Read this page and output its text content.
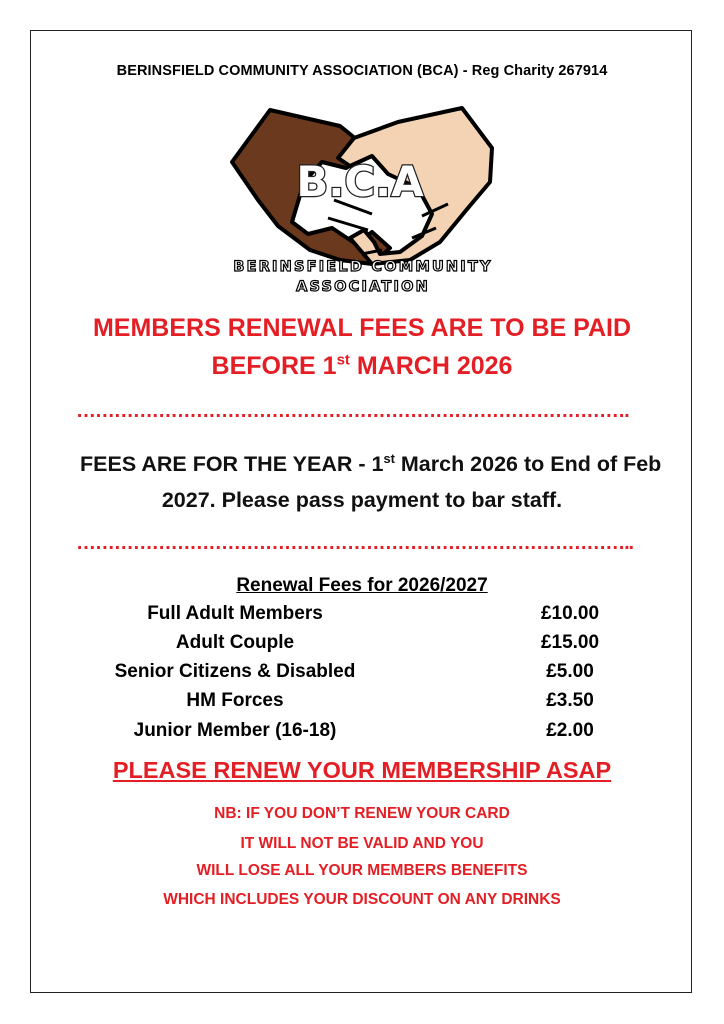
BERINSFIELD COMMUNITY ASSOCIATION (BCA) - Reg Charity 267914
B.C.A
BERINSFIELD COMMUNITY
ASSOCIATION
MEMBERS RENEWAL FEES ARE TO BE PAID
BEFORE 1st MARCH 2026
…………………………………………………………………………….
FEES ARE FOR THE YEAR - 1st March 2026 to End of Feb
2027. Please pass payment to bar staff.
……………………………………………………………………………..
Renewal Fees for 2026/2027
Full Adult Members	£10.00
Adult Couple	£15.00
Senior Citizens & Disabled	£5.00
HM Forces	£3.50
Junior Member (16-18)	£2.00
PLEASE RENEW YOUR MEMBERSHIP ASAP
NB: IF YOU DON’T RENEW YOUR CARD
IT WILL NOT BE VALID AND YOU
WILL LOSE ALL YOUR MEMBERS BENEFITS
WHICH INCLUDES YOUR DISCOUNT ON ANY DRINKS
